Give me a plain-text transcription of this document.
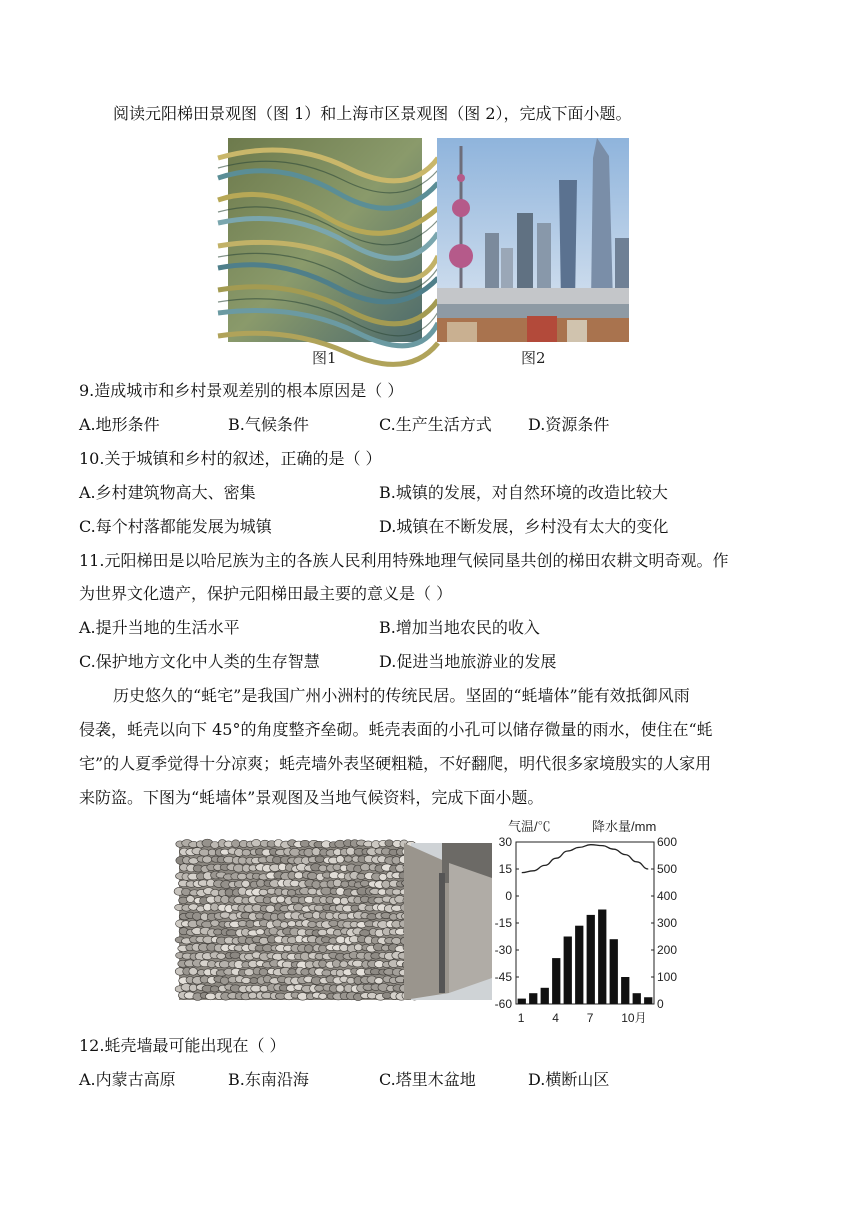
阅读元阳梯田景观图（图 1）和上海市区景观图（图 2），完成下面小题。
图1	图2
9.造成城市和乡村景观差别的根本原因是（ ）
A.地形条件	B.气候条件	C.生产生活方式 D.资源条件
10.关于城镇和乡村的叙述，正确的是（ ）
A.乡村建筑物高大、密集	B.城镇的发展，对自然环境的改造比较大
C.每个村落都能发展为城镇	D.城镇在不断发展，乡村没有太大的变化
11.元阳梯田是以哈尼族为主的各族人民利用特殊地理气候同垦共创的梯田农耕文明奇观。作
为世界文化遗产，保护元阳梯田最主要的意义是（ ）
A.提升当地的生活水平	B.增加当地农民的收入
C.保护地方文化中人类的生存智慧	D.促进当地旅游业的发展
历史悠久的“蚝宅”是我国广州小洲村的传统民居。坚固的“蚝墙体”能有效抵御风雨
侵袭，蚝壳以向下 45°的角度整齐垒砌。蚝壳表面的小孔可以储存微量的雨水，使住在“蚝
宅”的人夏季觉得十分凉爽；蚝壳墙外表坚硬粗糙，不好翻爬，明代很多家境殷实的人家用
来防盗。下图为“蚝墙体”景观图及当地气候资料，完成下面小题。
气温/℃	降水量/mm
30
15
0
-15
-30
-45
-60
600
500
400
300
200
100
0
1 4 7 10月
12.蚝壳墙最可能出现在（ ）
A.内蒙古高原	B.东南沿海	C.塔里木盆地	D.横断山区
